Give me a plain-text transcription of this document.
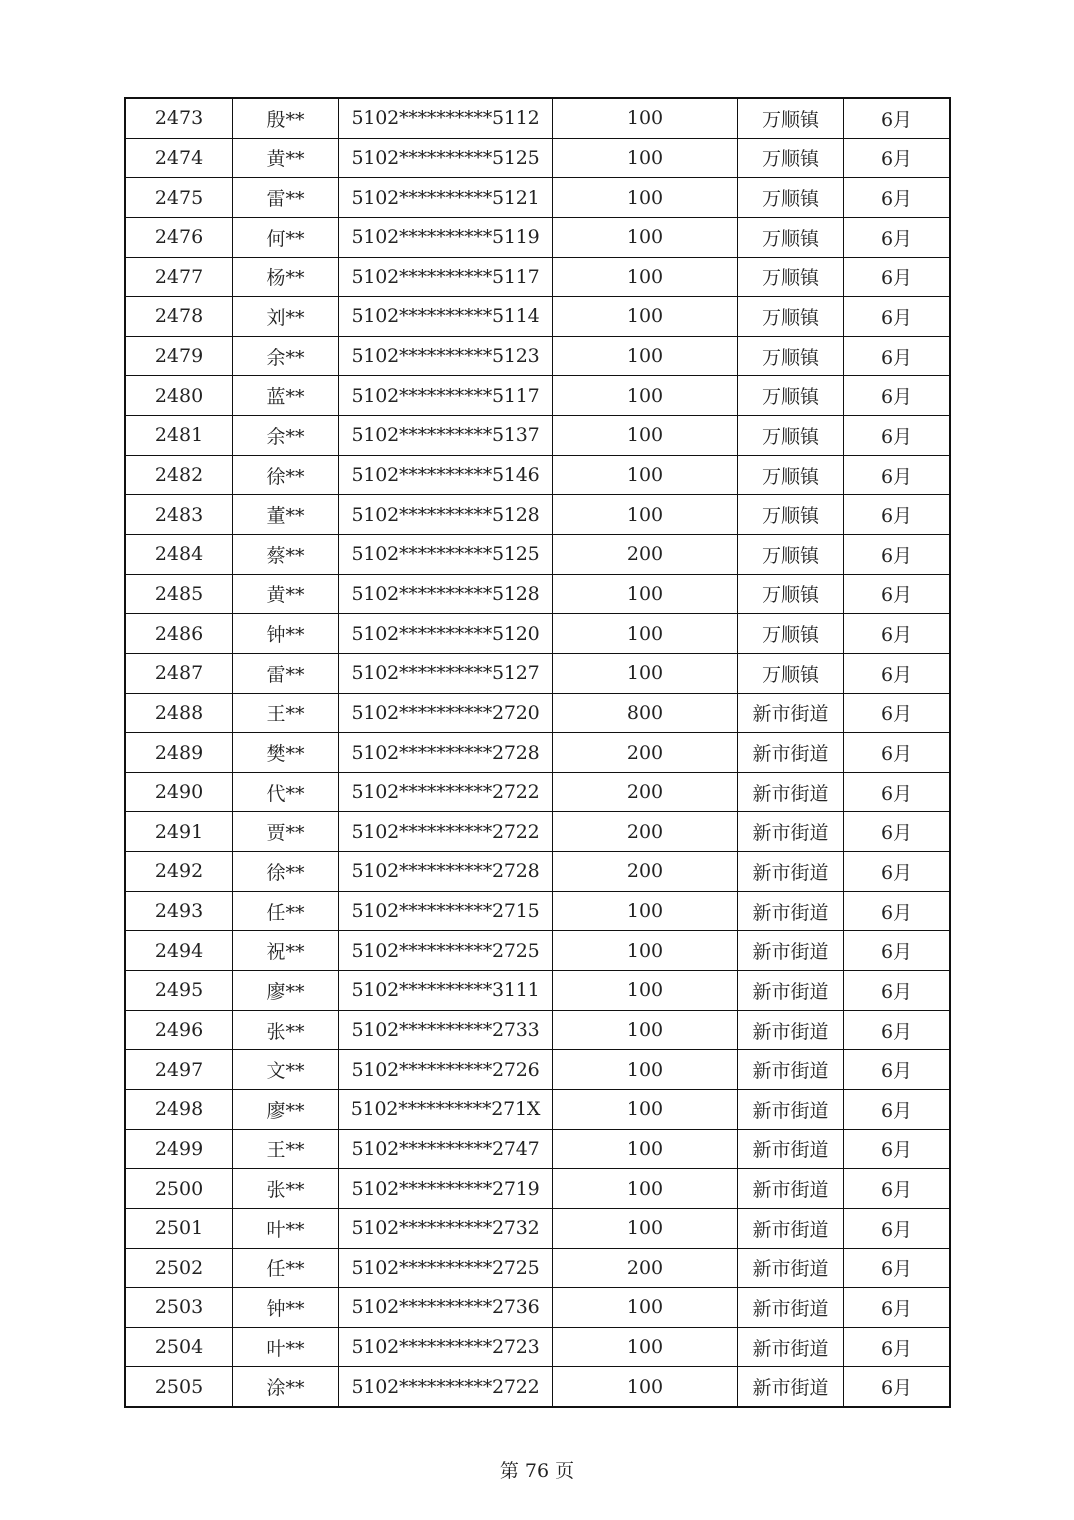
2473	殷**	5102**********5112	100	万顺镇	6月
2474	黄**	5102**********5125	100	万顺镇	6月
2475	雷**	5102**********5121	100	万顺镇	6月
2476	何**	5102**********5119	100	万顺镇	6月
2477	杨**	5102**********5117	100	万顺镇	6月
2478	刘**	5102**********5114	100	万顺镇	6月
2479	余**	5102**********5123	100	万顺镇	6月
2480	蓝**	5102**********5117	100	万顺镇	6月
2481	余**	5102**********5137	100	万顺镇	6月
2482	徐**	5102**********5146	100	万顺镇	6月
2483	董**	5102**********5128	100	万顺镇	6月
2484	蔡**	5102**********5125	200	万顺镇	6月
2485	黄**	5102**********5128	100	万顺镇	6月
2486	钟**	5102**********5120	100	万顺镇	6月
2487	雷**	5102**********5127	100	万顺镇	6月
2488	王**	5102**********2720	800	新市街道	6月
2489	樊**	5102**********2728	200	新市街道	6月
2490	代**	5102**********2722	200	新市街道	6月
2491	贾**	5102**********2722	200	新市街道	6月
2492	徐**	5102**********2728	200	新市街道	6月
2493	任**	5102**********2715	100	新市街道	6月
2494	祝**	5102**********2725	100	新市街道	6月
2495	廖**	5102**********3111	100	新市街道	6月
2496	张**	5102**********2733	100	新市街道	6月
2497	文**	5102**********2726	100	新市街道	6月
2498	廖**	5102**********271X	100	新市街道	6月
2499	王**	5102**********2747	100	新市街道	6月
2500	张**	5102**********2719	100	新市街道	6月
2501	叶**	5102**********2732	100	新市街道	6月
2502	任**	5102**********2725	200	新市街道	6月
2503	钟**	5102**********2736	100	新市街道	6月
2504	叶**	5102**********2723	100	新市街道	6月
2505	涂**	5102**********2722	100	新市街道	6月
第 76 页
